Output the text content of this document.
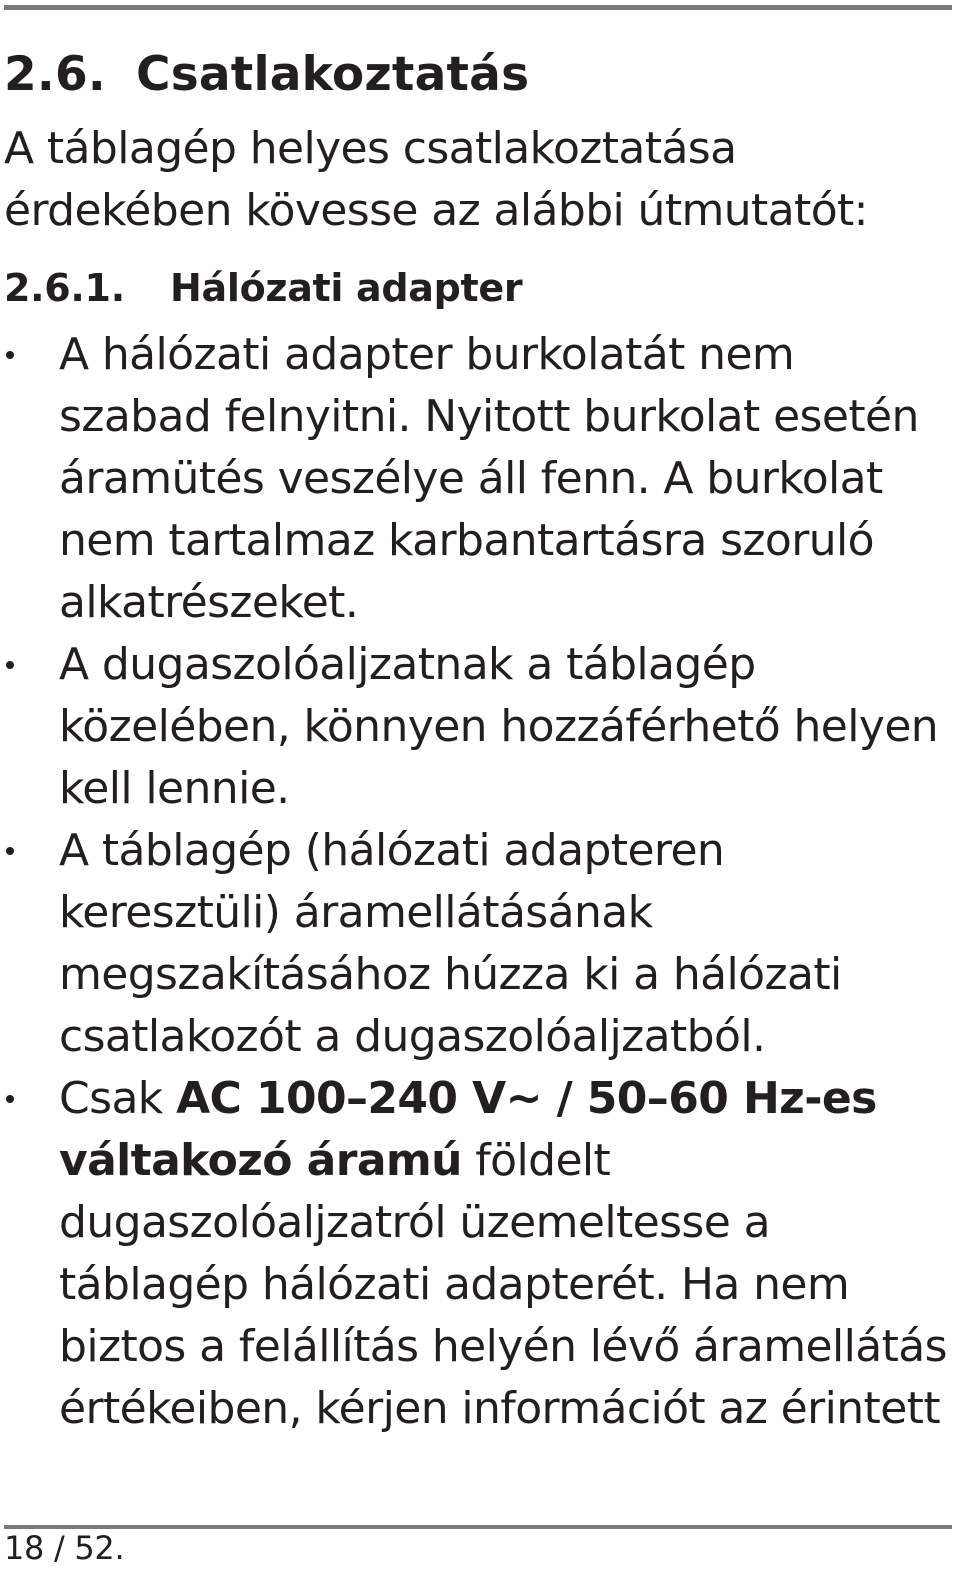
2.6. Csatlakoztatás

A táblagép helyes csatlakoztatása érdekében kövesse az alábbi útmutatót:

2.6.1. Hálózati adapter
A hálózati adapter burkolatát nem szabad felnyitni. Nyitott burkolat esetén áramütés veszélye áll fenn. A burkolat nem tartalmaz karbantartásra szoruló alkatrészeket.
A dugaszolóaljzatnak a táblagép közelében, könnyen hozzáférhető helyen kell lennie.
A táblagép (hálózati adapteren keresztüli) áramellátásának megszakításához húzza ki a hálózati csatlakozót a dugaszolóaljzatból.
Csak AC 100–240 V~ / 50–60 Hz-es váltakozó áramú földelt dugaszolóaljzatról üzemeltesse a táblagép hálózati adapterét. Ha nem biztos a felállítás helyén lévő áramellátás értékeiben, kérjen információt az érintett
18 / 52.
